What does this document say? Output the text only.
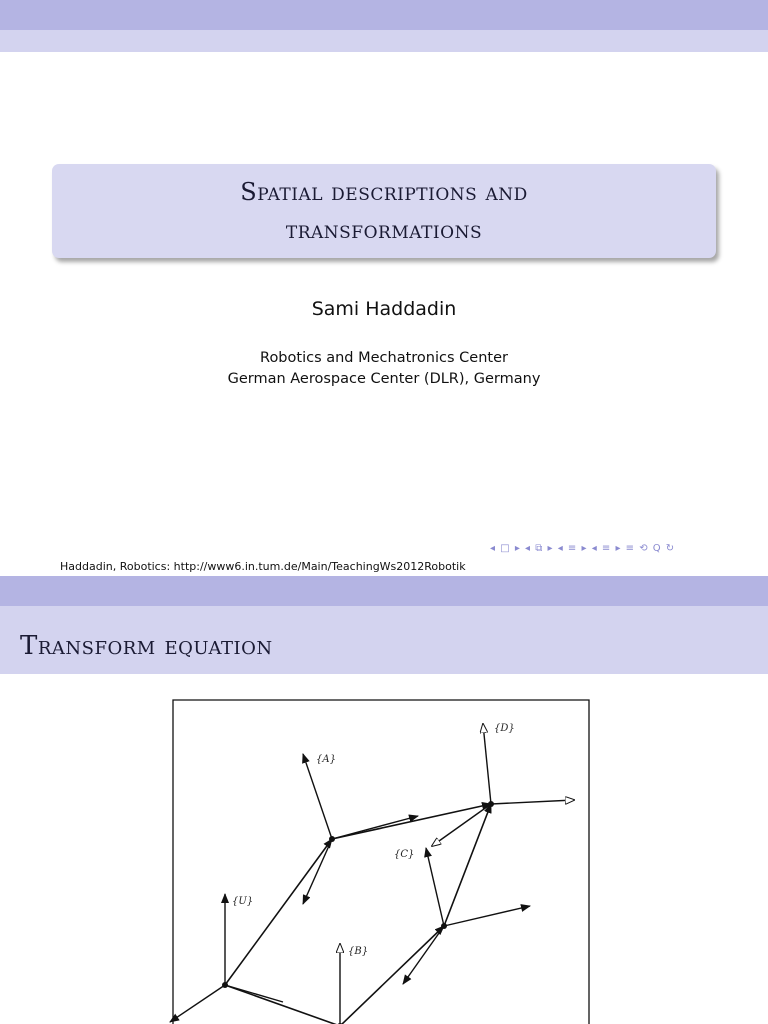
Spatial descriptions and
transformations
Sami Haddadin
Robotics and Mechatronics Center
German Aerospace Center (DLR), Germany
◂ □ ▸ ◂ ⧉ ▸ ◂ ≡ ▸ ◂ ≡ ▸ ≡ ⟲ Q ↻
Haddadin, Robotics: http://www6.in.tum.de/Main/TeachingWs2012Robotik
Transform equation
{A}
{D}
{C}
{U}
{B}
